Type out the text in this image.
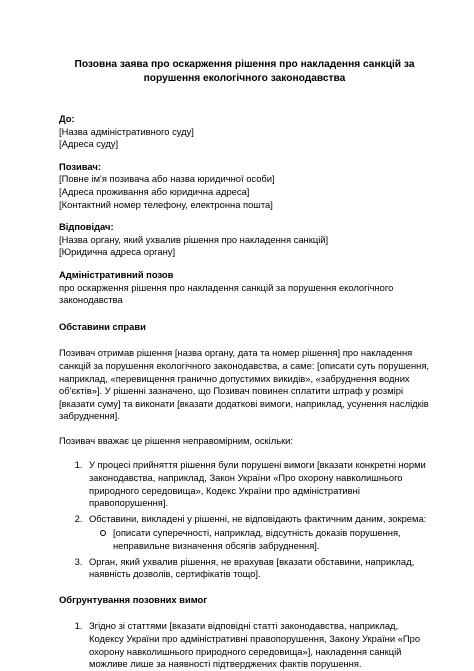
Позовна заява про оскарження рішення про накладення санкцій за порушення екологічного законодавства
До:
[Назва адміністративного суду]
[Адреса суду]
Позивач:
[Повне ім'я позивача або назва юридичної особи]
[Адреса проживання або юридична адреса]
[Контактний номер телефону, електронна пошта]
Відповідач:
[Назва органу, який ухвалив рішення про накладення санкцій]
[Юридична адреса органу]
Адміністративний позов

про оскарження рішення про накладення санкцій за порушення екологічного законодавства

Обставини справи

Позивач отримав рішення [назва органу, дата та номер рішення] про накладення санкцій за порушення екологічного законодавства, а саме: [описати суть порушення, наприклад, «перевищення гранично допустимих викидів», «забруднення водних об'єктів»]. У рішенні зазначено, що Позивач повинен сплатити штраф у розмірі [вказати суму] та виконати [вказати додаткові вимоги, наприклад, усунення наслідків забруднення].

Позивач вважає це рішення неправомірним, оскільки:

1. У процесі прийняття рішення були порушені вимоги [вказати конкретні норми законодавства, наприклад, Закон України «Про охорону навколишнього природного середовища», Кодекс України про адміністративні правопорушення].
2. Обставини, викладені у рішенні, не відповідають фактичним даним, зокрема:
[описати суперечності, наприклад, відсутність доказів порушення, неправильне визначення обсягів забруднення].
3. Орган, який ухвалив рішення, не врахував [вказати обставини, наприклад, наявність дозволів, сертифікатів тощо].
Обгрунтування позовних вимог
1. Згідно зі статтями [вказати відповідні статті законодавства, наприклад, Кодексу України про адміністративні правопорушення, Закону України «Про охорону навколишнього природного середовища»], накладення санкцій можливе лише за наявності підтверджених фактів порушення.
